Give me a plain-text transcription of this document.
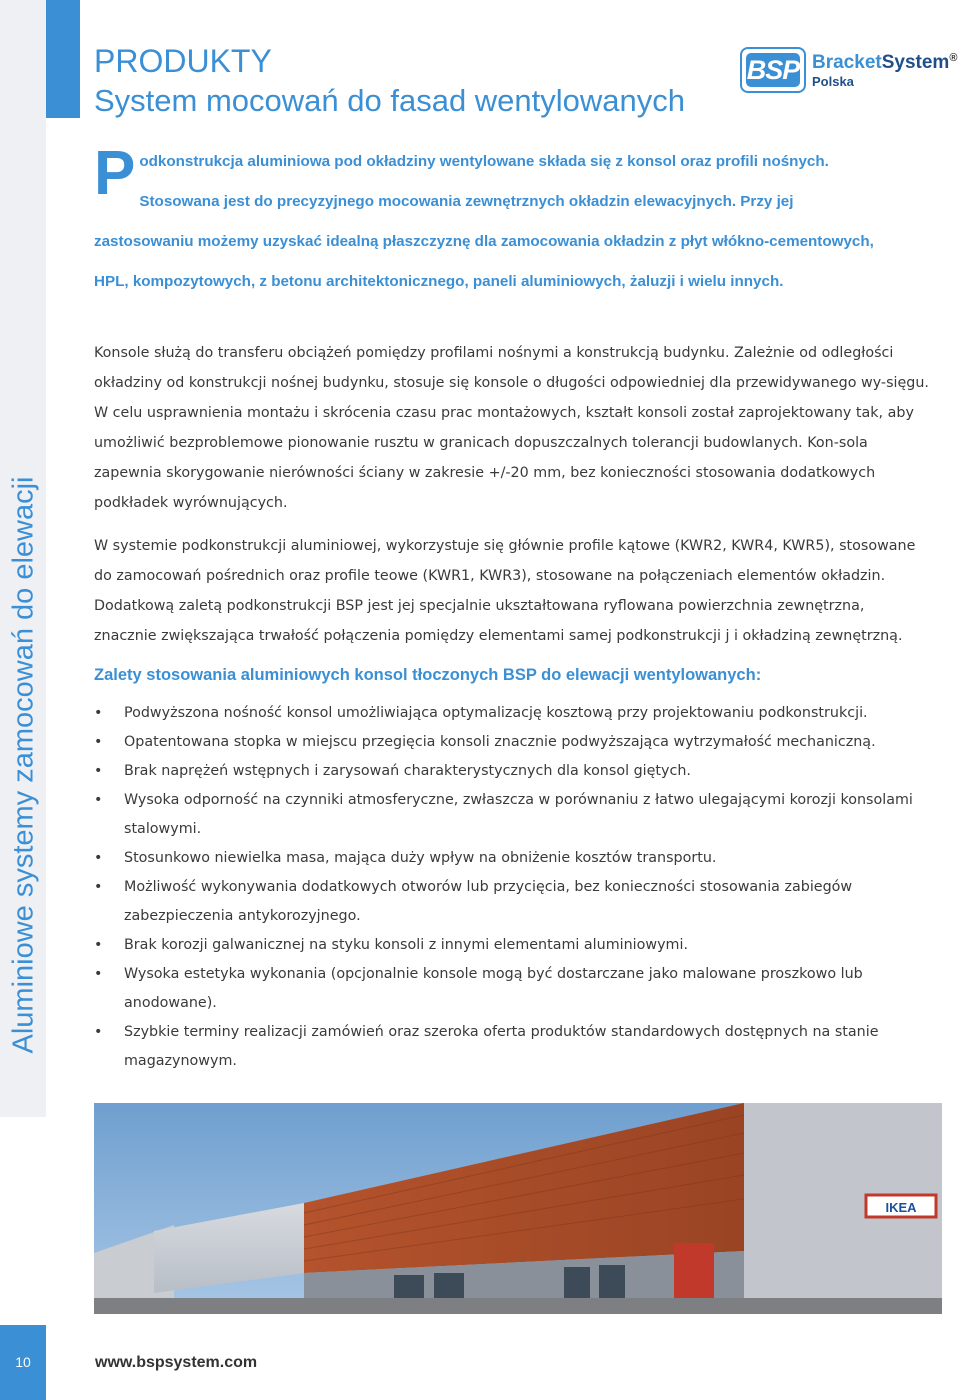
Aluminiowe systemy zamocowań do elewacji
PRODUKTY
System mocowań do fasad wentylowanych
BSP BracketSystem®
Polska
Podkonstrukcja aluminiowa pod okładziny wentylowane składa się z konsol oraz profili nośnych. Stosowana jest do precyzyjnego mocowania zewnętrznych okładzin elewacyjnych. Przy jej zastosowaniu możemy uzyskać idealną płaszczyznę dla zamocowania okładzin z płyt włókno-cementowych, HPL, kompozytowych, z betonu architektonicznego, paneli aluminiowych, żaluzji i wielu innych.

Konsole służą do transferu obciążeń pomiędzy profilami nośnymi a konstrukcją budynku. Zależnie od odległości okładziny od konstrukcji nośnej budynku, stosuje się konsole o długości odpowiedniej dla przewidywanego wy-sięgu. W celu usprawnienia montażu i skrócenia czasu prac montażowych, kształt konsoli został zaprojektowany tak, aby umożliwić bezproblemowe pionowanie rusztu w granicach dopuszczalnych tolerancji budowlanych. Kon-sola zapewnia skorygowanie nierówności ściany w zakresie +/-20 mm, bez konieczności stosowania dodatkowych podkładek wyrównujących.

W systemie podkonstrukcji aluminiowej, wykorzystuje się głównie profile kątowe (KWR2, KWR4, KWR5), stosowane do zamocowań pośrednich oraz profile teowe (KWR1, KWR3), stosowane na połączeniach elementów okładzin. Dodatkową zaletą podkonstrukcji BSP jest jej specjalnie ukształtowana ryflowana powierzchnia zewnętrzna, znacznie zwiększająca trwałość połączenia pomiędzy elementami samej podkonstrukcji j i okładziną zewnętrzną.

Zalety stosowania aluminiowych konsol tłoczonych BSP do elewacji wentylowanych:
• Podwyższona nośność konsol umożliwiająca optymalizację kosztową przy projektowaniu podkonstrukcji.
• Opatentowana stopka w miejscu przegięcia konsoli znacznie podwyższająca wytrzymałość mechaniczną.
• Brak naprężeń wstępnych i zarysowań charakterystycznych dla konsol giętych.
• Wysoka odporność na czynniki atmosferyczne, zwłaszcza w porównaniu z łatwo ulegającymi korozji konsolami stalowymi.
• Stosunkowo niewielka masa, mająca duży wpływ na obniżenie kosztów transportu.
• Możliwość wykonywania dodatkowych otworów lub przycięcia, bez konieczności stosowania zabiegów zabezpieczenia antykorozyjnego.
• Brak korozji galwanicznej na styku konsoli z innymi elementami aluminiowymi.
• Wysoka estetyka wykonania (opcjonalnie konsole mogą być dostarczane jako malowane proszkowo lub anodowane).
• Szybkie terminy realizacji zamówień oraz szeroka oferta produktów standardowych dostępnych na stanie magazynowym.
IKEA
10	www.bspsystem.com
